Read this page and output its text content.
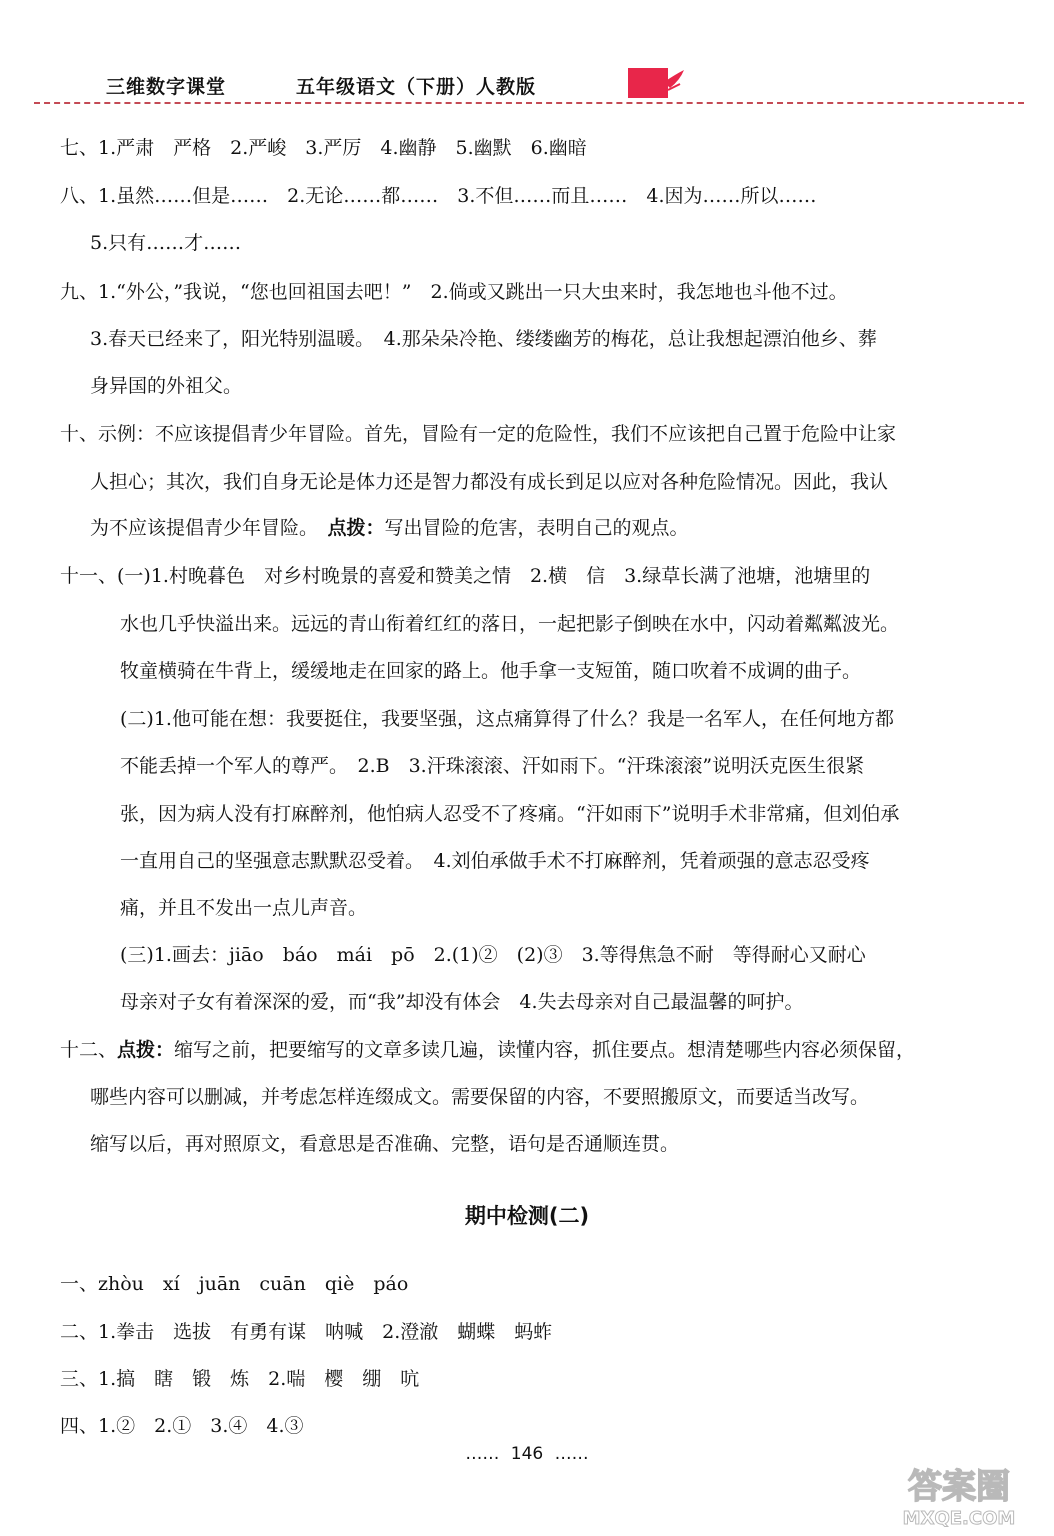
三维数字课堂	五年级语文（下册）人教版
七、1.严肃　严格　2.严峻　3.严厉　4.幽静　5.幽默　6.幽暗
八、1.虽然……但是……　2.无论……都……　3.不但……而且……　4.因为……所以……
5.只有……才……
九、1.“外公，”我说，“您也回祖国去吧！”　2.倘或又跳出一只大虫来时，我怎地也斗他不过。
3.春天已经来了，阳光特别温暖。　4.那朵朵冷艳、缕缕幽芳的梅花，总让我想起漂泊他乡、葬
身异国的外祖父。
十、示例：不应该提倡青少年冒险。首先，冒险有一定的危险性，我们不应该把自己置于危险中让家
人担心；其次，我们自身无论是体力还是智力都没有成长到足以应对各种危险情况。因此，我认
为不应该提倡青少年冒险。　 点拨：写出冒险的危害，表明自己的观点。
十一、(一)1.村晚暮色　对乡村晚景的喜爱和赞美之情　2.横　信　3.绿草长满了池塘，池塘里的
水也几乎快溢出来。远远的青山衔着红红的落日，一起把影子倒映在水中，闪动着粼粼波光。
牧童横骑在牛背上，缓缓地走在回家的路上。他手拿一支短笛，随口吹着不成调的曲子。
(二)1.他可能在想：我要挺住，我要坚强，这点痛算得了什么？我是一名军人，在任何地方都
不能丢掉一个军人的尊严。　2.B　3.汗珠滚滚、汗如雨下。“汗珠滚滚”说明沃克医生很紧
张，因为病人没有打麻醉剂，他怕病人忍受不了疼痛。“汗如雨下”说明手术非常痛，但刘伯承
一直用自己的坚强意志默默忍受着。　4.刘伯承做手术不打麻醉剂，凭着顽强的意志忍受疼
痛，并且不发出一点儿声音。
(三)1.画去：jiāo　báo　mái　pō　2.(1)②　(2)③　3.等得焦急不耐　等得耐心又耐心
母亲对子女有着深深的爱，而“我”却没有体会　4.失去母亲对自己最温馨的呵护。
十二、点拨：缩写之前，把要缩写的文章多读几遍，读懂内容，抓住要点。想清楚哪些内容必须保留，
哪些内容可以删减，并考虑怎样连缀成文。需要保留的内容，不要照搬原文，而要适当改写。
缩写以后，再对照原文，看意思是否准确、完整，语句是否通顺连贯。
期中检测(二)
一、zhòu　xí　juān　cuān　qiè　páo
二、1.拳击　选拔　有勇有谋　呐喊　2.澄澈　蝴蝶　蚂蚱
三、1.搞　瞎　锻　炼　2.喘　樱　绷　吭
四、1.②　2.①　3.④　4.③
…… 146 ……
答案圈
MXQE.COM
